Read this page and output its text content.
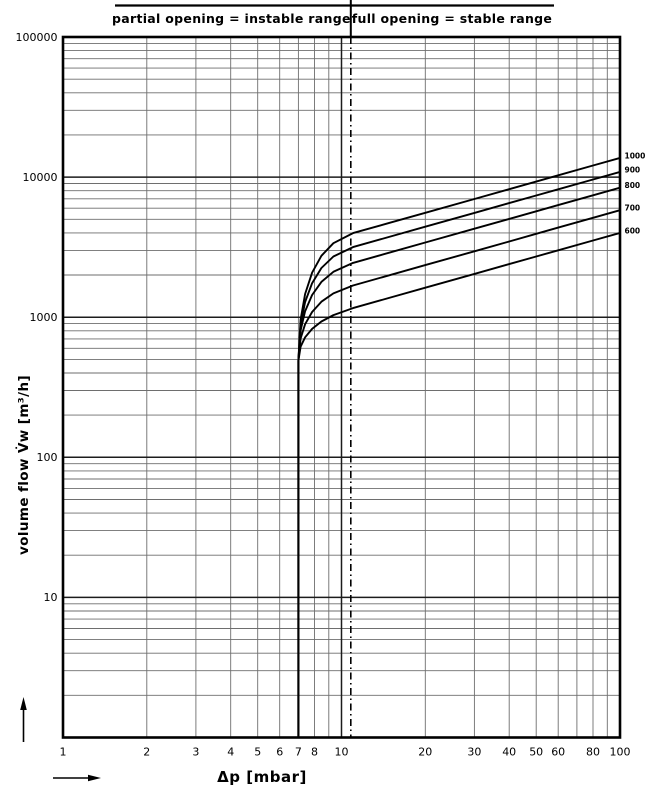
partial opening = instable range full opening = stable range
1000
900
800
700
600
1	2	3	4 5 6 7 8 10	20	30 40 50 60 80 100
10
100
1000
10000
100000
volume flow V̇w [m³/h]
Δp [mbar]
